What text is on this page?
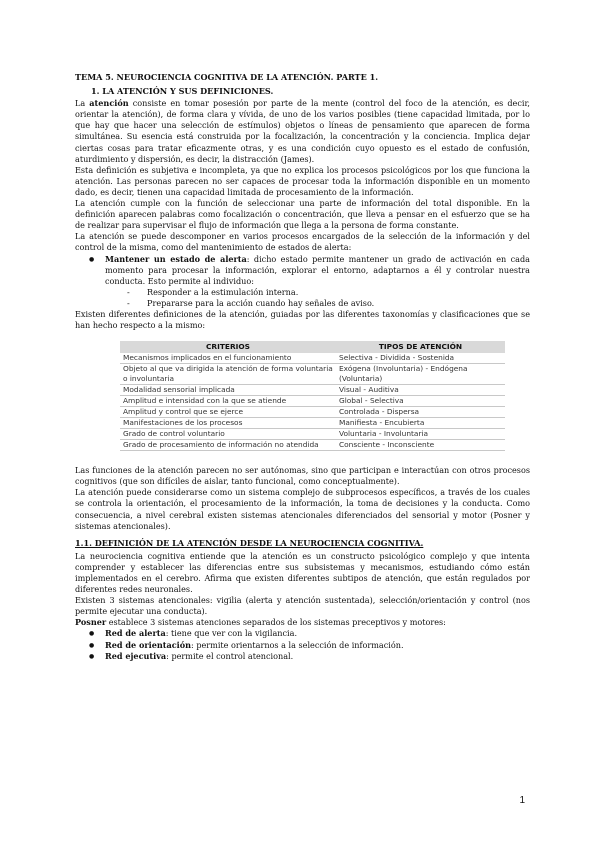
TEMA 5. NEUROCIENCIA COGNITIVA DE LA ATENCIÓN. PARTE 1.

1. LA ATENCIÓN Y SUS DEFINICIONES.

La atención consiste en tomar posesión por parte de la mente (control del foco de la atención, es decir, orientar la atención), de forma clara y vívida, de uno de los varios posibles (tiene capacidad limitada, por lo que hay que hacer una selección de estímulos) objetos o líneas de pensamiento que aparecen de forma simultánea. Su esencia está construida por la focalización, la concentración y la conciencia. Implica dejar ciertas cosas para tratar eficazmente otras, y es una condición cuyo opuesto es el estado de confusión, aturdimiento y dispersión, es decir, la distracción (James).

Esta definición es subjetiva e incompleta, ya que no explica los procesos psicológicos por los que funciona la atención. Las personas parecen no ser capaces de procesar toda la información disponible en un momento dado, es decir, tienen una capacidad limitada de procesamiento de la información.

La atención cumple con la función de seleccionar una parte de información del total disponible. En la definición aparecen palabras como focalización o concentración, que lleva a pensar en el esfuerzo que se ha de realizar para supervisar el flujo de información que llega a la persona de forma constante.

La atención se puede descomponer en varios procesos encargados de la selección de la información y del control de la misma, como del mantenimiento de estados de alerta:

● Mantener un estado de alerta: dicho estado permite mantener un grado de activación en cada momento para procesar la información, explorar el entorno, adaptarnos a él y controlar nuestra conducta. Esto permite al individuo:
- Responder a la estimulación interna.
- Prepararse para la acción cuando hay señales de aviso.

Existen diferentes definiciones de la atención, guiadas por las diferentes taxonomías y clasificaciones que se han hecho respecto a la mismo:

CRITERIOS	TIPOS DE ATENCIÓN
Mecanismos implicados en el funcionamiento	Selectiva - Dividida - Sostenida
Objeto al que va dirigida la atención de forma voluntaria o involuntaria	Exógena (Involuntaria) - Endógena (Voluntaria)
Modalidad sensorial implicada	Visual - Auditiva
Amplitud e intensidad con la que se atiende	Global - Selectiva
Amplitud y control que se ejerce	Controlada - Dispersa
Manifestaciones de los procesos	Manifiesta - Encubierta
Grado de control voluntario	Voluntaria - Involuntaria
Grado de procesamiento de información no atendida	Consciente - Inconsciente

Las funciones de la atención parecen no ser autónomas, sino que participan e interactúan con otros procesos cognitivos (que son difíciles de aislar, tanto funcional, como conceptualmente).

La atención puede considerarse como un sistema complejo de subprocesos específicos, a través de los cuales se controla la orientación, el procesamiento de la información, la toma de decisiones y la conducta. Como consecuencia, a nivel cerebral existen sistemas atencionales diferenciados del sensorial y motor (Posner y sistemas atencionales).

1.1. DEFINICIÓN DE LA ATENCIÓN DESDE LA NEUROCIENCIA COGNITIVA.

La neurociencia cognitiva entiende que la atención es un constructo psicológico complejo y que intenta comprender y establecer las diferencias entre sus subsistemas y mecanismos, estudiando cómo están implementados en el cerebro. Afirma que existen diferentes subtipos de atención, que están regulados por diferentes redes neuronales.

Existen 3 sistemas atencionales: vigilia (alerta y atención sustentada), selección/orientación y control (nos permite ejecutar una conducta).

Posner establece 3 sistemas atenciones separados de los sistemas preceptivos y motores:

● Red de alerta: tiene que ver con la vigilancia.
● Red de orientación: permite orientarnos a la selección de información.
● Red ejecutiva: permite el control atencional.
1
